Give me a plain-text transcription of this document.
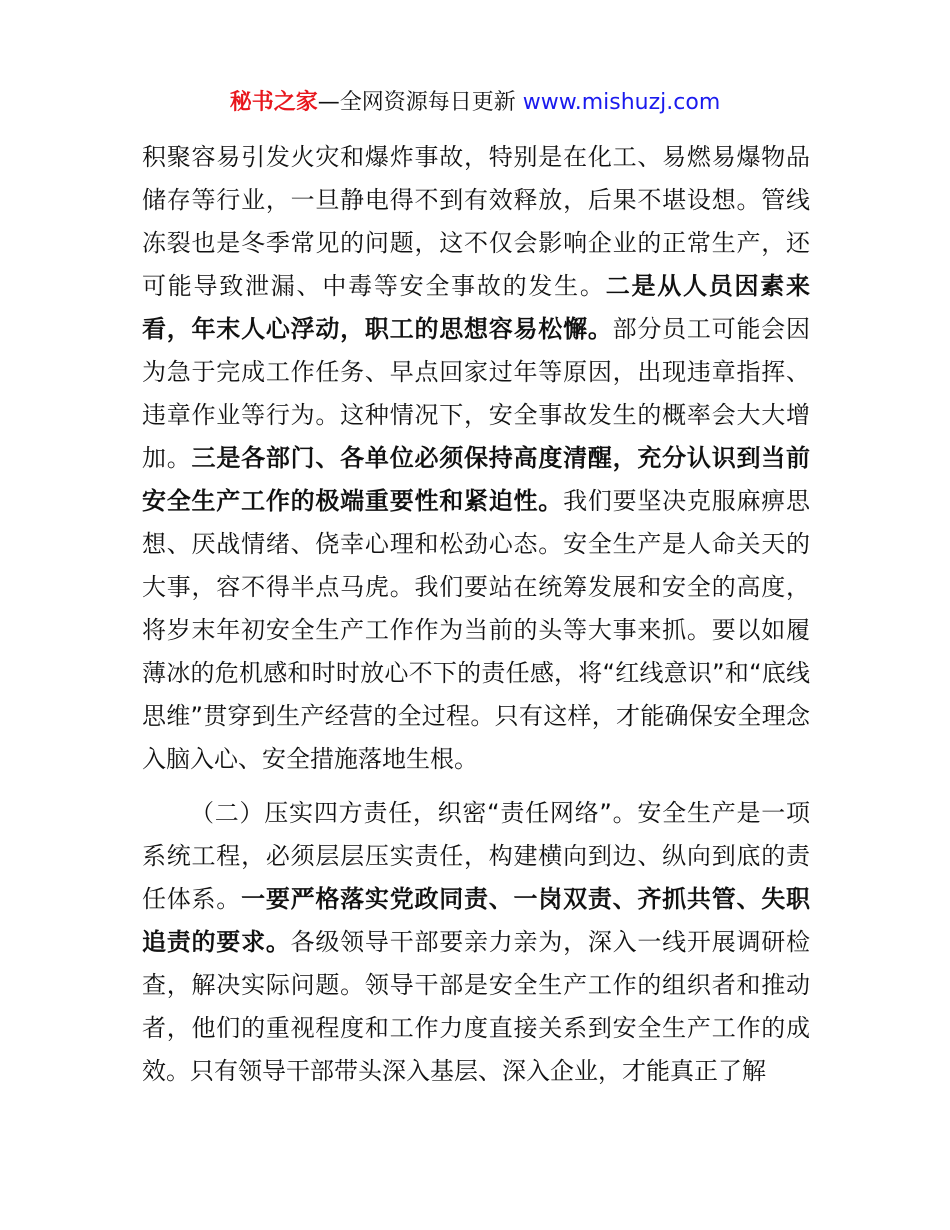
秘书之家—全网资源每日更新 www.mishuzj.com

积聚容易引发火灾和爆炸事故，特别是在化工、易燃易爆物品储存等行业，一旦静电得不到有效释放，后果不堪设想。管线冻裂也是冬季常见的问题，这不仅会影响企业的正常生产，还可能导致泄漏、中毒等安全事故的发生。二是从人员因素来看，年末人心浮动，职工的思想容易松懈。部分员工可能会因为急于完成工作任务、早点回家过年等原因，出现违章指挥、违章作业等行为。这种情况下，安全事故发生的概率会大大增加。三是各部门、各单位必须保持高度清醒，充分认识到当前安全生产工作的极端重要性和紧迫性。我们要坚决克服麻痹思想、厌战情绪、侥幸心理和松劲心态。安全生产是人命关天的大事，容不得半点马虎。我们要站在统筹发展和安全的高度，将岁末年初安全生产工作作为当前的头等大事来抓。要以如履薄冰的危机感和时时放心不下的责任感，将“红线意识”和“底线思维”贯穿到生产经营的全过程。只有这样，才能确保安全理念入脑入心、安全措施落地生根。

（二）压实四方责任，织密“责任网络”。安全生产是一项系统工程，必须层层压实责任，构建横向到边、纵向到底的责任体系。一要严格落实党政同责、一岗双责、齐抓共管、失职追责的要求。各级领导干部要亲力亲为，深入一线开展调研检查，解决实际问题。领导干部是安全生产工作的组织者和推动者，他们的重视程度和工作力度直接关系到安全生产工作的成效。只有领导干部带头深入基层、深入企业，才能真正了解
